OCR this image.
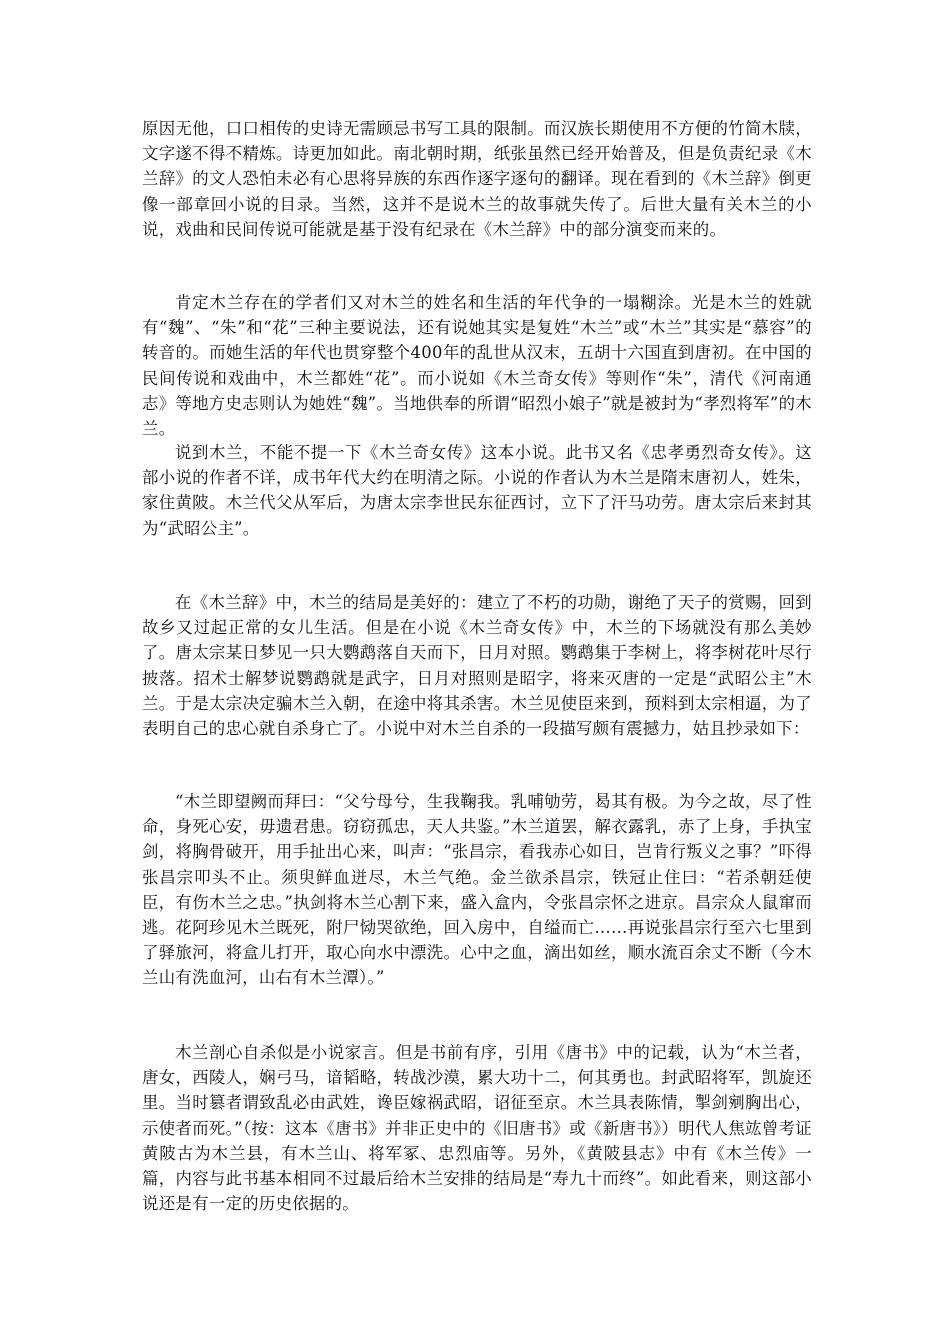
原因无他，口口相传的史诗无需顾忌书写工具的限制。而汉族长期使用不方便的竹简木牍，文字遂不得不精炼。诗更加如此。南北朝时期，纸张虽然已经开始普及，但是负责纪录《木兰辞》的文人恐怕未必有心思将异族的东西作逐字逐句的翻译。现在看到的《木兰辞》倒更像一部章回小说的目录。当然，这并不是说木兰的故事就失传了。后世大量有关木兰的小说，戏曲和民间传说可能就是基于没有纪录在《木兰辞》中的部分演变而来的。

肯定木兰存在的学者们又对木兰的姓名和生活的年代争的一塌糊涂。光是木兰的姓就有“魏”、“朱”和“花”三种主要说法，还有说她其实是复姓“木兰”或“木兰”其实是“慕容”的转音的。而她生活的年代也贯穿整个400年的乱世从汉末，五胡十六国直到唐初。在中国的民间传说和戏曲中，木兰都姓“花”。而小说如《木兰奇女传》等则作“朱”，清代《河南通志》等地方史志则认为她姓“魏”。当地供奉的所谓“昭烈小娘子”就是被封为“孝烈将军”的木兰。

说到木兰，不能不提一下《木兰奇女传》这本小说。此书又名《忠孝勇烈奇女传》。这部小说的作者不详，成书年代大约在明清之际。小说的作者认为木兰是隋末唐初人，姓朱，家住黄陂。木兰代父从军后，为唐太宗李世民东征西讨，立下了汗马功劳。唐太宗后来封其为“武昭公主”。

在《木兰辞》中，木兰的结局是美好的：建立了不朽的功勋，谢绝了天子的赏赐，回到故乡又过起正常的女儿生活。但是在小说《木兰奇女传》中，木兰的下场就没有那么美妙了。唐太宗某日梦见一只大鹦鹉落自天而下，日月对照。鹦鹉集于李树上，将李树花叶尽行披落。招术士解梦说鹦鹉就是武字，日月对照则是昭字，将来灭唐的一定是“武昭公主”木兰。于是太宗决定骗木兰入朝，在途中将其杀害。木兰见使臣来到，预料到太宗相逼，为了表明自己的忠心就自杀身亡了。小说中对木兰自杀的一段描写颇有震撼力，姑且抄录如下：

“木兰即望阙而拜曰：“父兮母兮，生我鞠我。乳哺劬劳，曷其有极。为今之故，尽了性命，身死心安，毋遗君患。窃窃孤忠，天人共鉴。”木兰道罢，解衣露乳，赤了上身，手执宝剑，将胸骨破开，用手扯出心来，叫声：“张昌宗，看我赤心如日，岂肯行叛义之事？”吓得张昌宗叩头不止。须臾鲜血迸尽，木兰气绝。金兰欲杀昌宗，铁冠止住曰：“若杀朝廷使臣，有伤木兰之忠。”执剑将木兰心割下来，盛入盒内，令张昌宗怀之进京。昌宗众人鼠窜而逃。花阿珍见木兰既死，附尸恸哭欲绝，回入房中，自缢而亡……再说张昌宗行至六七里到了驿旅河，将盒儿打开，取心向水中漂洗。心中之血，滴出如丝，顺水流百余丈不断（今木兰山有洗血河，山右有木兰潭）。”

木兰剖心自杀似是小说家言。但是书前有序，引用《唐书》中的记载，认为“木兰者，唐女，西陵人，娴弓马，谙韬略，转战沙漠，累大功十二，何其勇也。封武昭将军，凯旋还里。当时篡者谓致乱必由武姓，谗臣嫁祸武昭，诏征至京。木兰具表陈情，掣剑剜胸出心，示使者而死。”（按：这本《唐书》并非正史中的《旧唐书》或《新唐书》）明代人焦竑曾考证黄陂古为木兰县，有木兰山、将军冢、忠烈庙等。另外，《黄陂县志》中有《木兰传》一篇，内容与此书基本相同不过最后给木兰安排的结局是“寿九十而终”。如此看来，则这部小说还是有一定的历史依据的。
